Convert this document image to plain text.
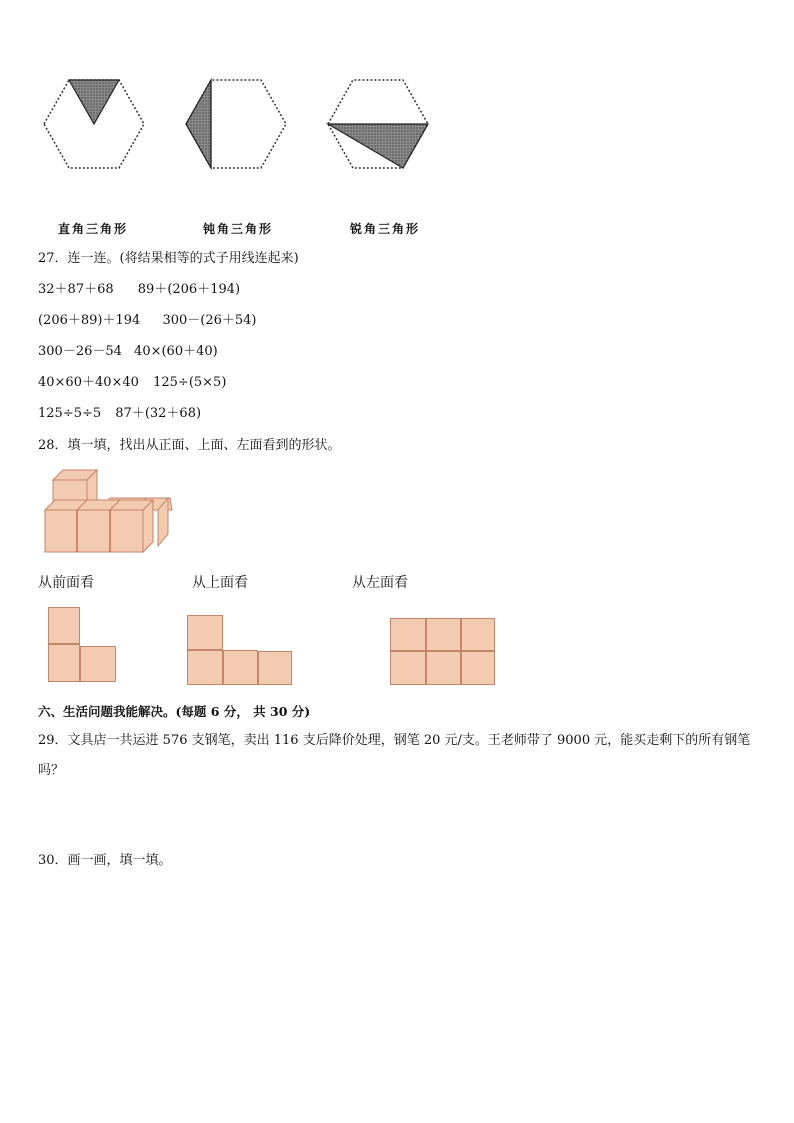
直角三角形	钝角三角形	锐角三角形
27．连一连。(将结果相等的式子用线连起来)
32＋87＋68 89＋(206＋194)
(206＋89)＋194 300－(26＋54)
300－26－54 40×(60＋40)
40×60＋40×40 125÷(5×5)
125÷5÷5 87＋(32＋68)
28．填一填，找出从正面、上面、左面看到的形状。
从前面看	从上面看	从左面看
六、生活问题我能解决。(每题 6 分， 共 30 分)
29．文具店一共运进 576 支钢笔，卖出 116 支后降价处理，钢笔 20 元/支。王老师带了 9000 元，能买走剩下的所有钢笔吗？
30．画一画，填一填。
